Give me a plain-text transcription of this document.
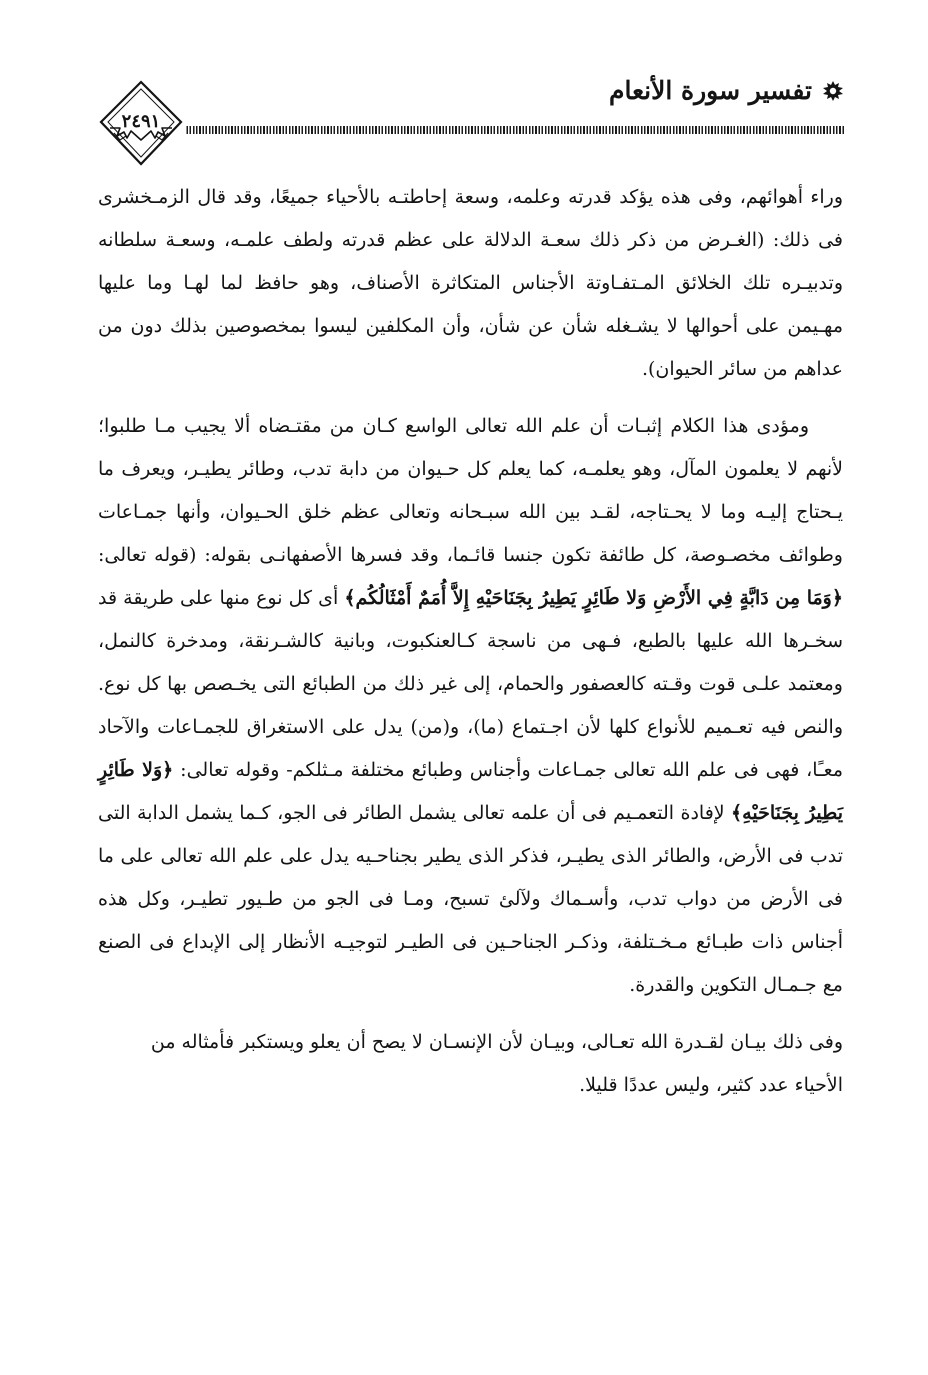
تفسير سورة الأنعام
٢٤٩١

وراء أهوائهم، وفى هذه يؤكد قدرته وعلمه، وسعة إحاطتـه بالأحياء جميعًا، وقد قال الزمـخشرى فى ذلك: (الغـرض من ذكر ذلك سعـة الدلالة على عظم قدرته ولطف علمـه، وسعـة سلطانه وتدبيـره تلك الخلائق المـتفـاوتة الأجناس المتكاثرة الأصناف، وهو حافظ لما لهـا وما عليها مهـيمن على أحوالها لا يشـغله شأن عن شأن، وأن المكلفين ليسوا بمخصوصين بذلك دون من عداهم من سائر الحيوان).

ومؤدى هذا الكلام إثبـات أن علم الله تعالى الواسع كـان من مقتـضاه ألا يجيب مـا طلبوا؛ لأنهم لا يعلمون المآل، وهو يعلمـه، كما يعلم كل حـيوان من دابة تدب، وطائر يطيـر، ويعرف ما يـحتاج إليـه وما لا يحـتاجه، لقـد بين الله سبـحانه وتعالى عظم خلق الحـيوان، وأنها جمـاعات وطوائف مخصـوصة، كل طائفة تكون جنسا قائـما، وقد فسرها الأصفهانـى بقوله: (قوله تعالى: ﴿وَمَا مِن دَابَّةٍ فِي الأَرْضِ وَلا طَائِرٍ يَطِيرُ بِجَنَاحَيْهِ إِلاَّ أُمَمٌ أَمْثَالُكُم﴾ أى كل نوع منها على طريقة قد سخـرها الله عليها بالطبع، فـهى من ناسجة كـالعنكبوت، وبانية كالشـرنقة، ومدخرة كالنمل، ومعتمد علـى قوت وقـته كالعصفور والحمام، إلى غير ذلك من الطبائع التى يخـصص بها كل نوع. والنص فيه تعـميم للأنواع كلها لأن اجـتماع (ما)، و(من) يدل على الاستغراق للجمـاعات والآحاد معـًا، فهى فى علم الله تعالى جمـاعات وأجناس وطبائع مختلفة مـثلكم- وقوله تعالى: ﴿وَلا طَائِرٍ يَطِيرُ بِجَنَاحَيْهِ﴾ لإفادة التعمـيم فى أن علمه تعالى يشمل الطائر فى الجو، كـما يشمل الدابة التى تدب فى الأرض، والطائر الذى يطيـر، فذكر الذى يطير بجناحـيه يدل على علم الله تعالى على ما فى الأرض من دواب تدب، وأسـماك ولآلئ تسبح، ومـا فى الجو من طـيور تطيـر، وكل هذه أجناس ذات طبـائع مـخـتلفة، وذكـر الجناحـين فى الطيـر لتوجيـه الأنظار إلى الإبداع فى الصنع مع جـمـال التكوين والقدرة.

وفى ذلك بيـان لقـدرة الله تعـالى، وبيـان لأن الإنسـان لا يصح أن يعلو ويستكبر فأمثاله من الأحياء عدد كثير، وليس عددًا قليلا.
